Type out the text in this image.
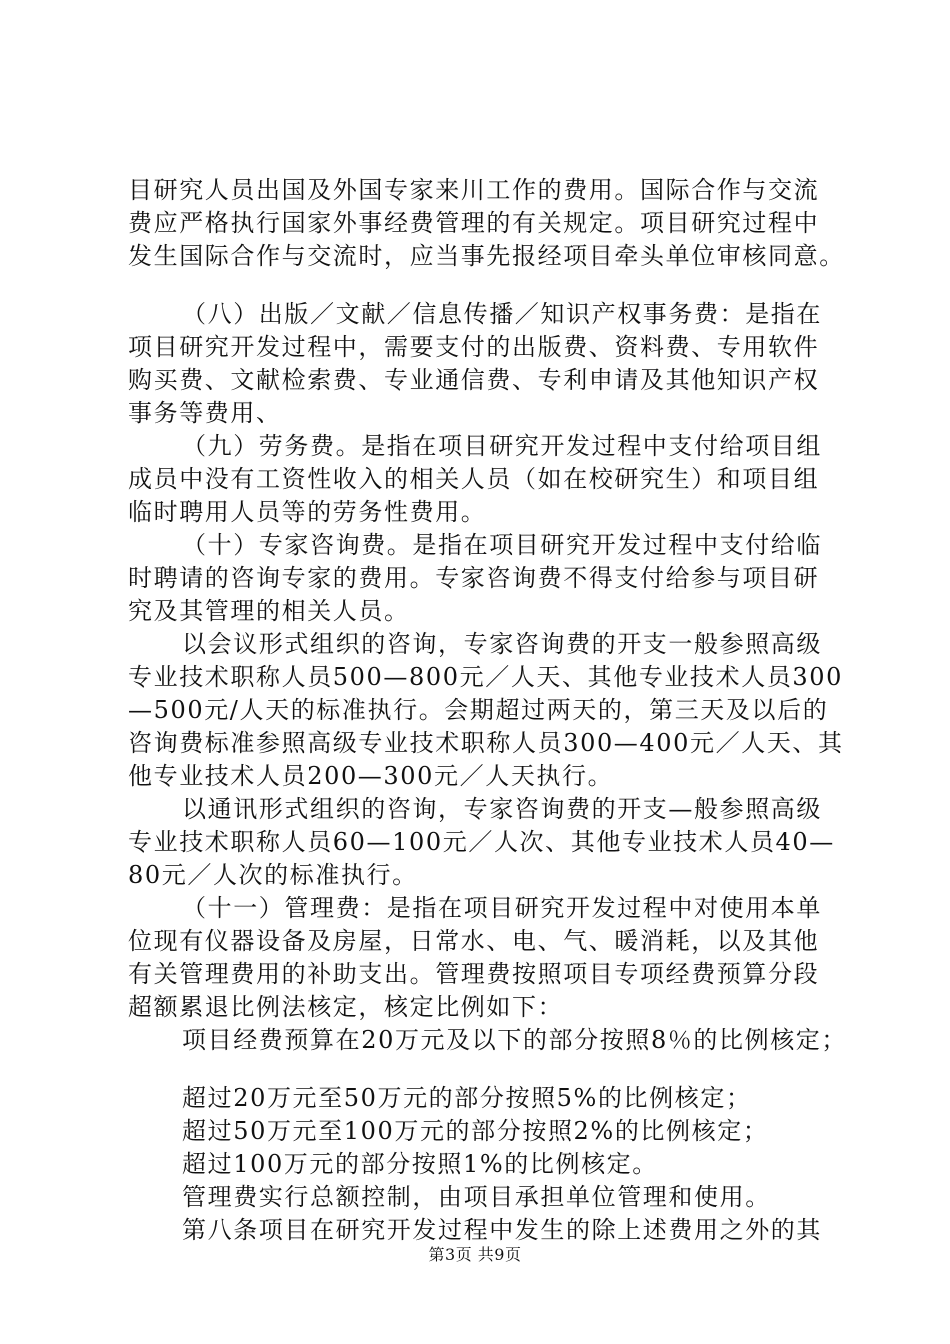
目研究人员出国及外国专家来川工作的费用。国际合作与交流
费应严格执行国家外事经费管理的有关规定。项目研究过程中
发生国际合作与交流时，应当事先报经项目牵头单位审核同意。
（八）出版／文献／信息传播／知识产权事务费：是指在
项目研究开发过程中，需要支付的出版费、资料费、专用软件
购买费、文献检索费、专业通信费、专利申请及其他知识产权
事务等费用、
（九）劳务费。是指在项目研究开发过程中支付给项目组
成员中没有工资性收入的相关人员（如在校研究生）和项目组
临时聘用人员等的劳务性费用。
（十）专家咨询费。是指在项目研究开发过程中支付给临
时聘请的咨询专家的费用。专家咨询费不得支付给参与项目研
究及其管理的相关人员。
以会议形式组织的咨询，专家咨询费的开支一般参照高级
专业技术职称人员500—800元／人天、其他专业技术人员300
—500元/人天的标准执行。会期超过两天的，第三天及以后的
咨询费标准参照高级专业技术职称人员300—400元／人天、其
他专业技术人员200—300元／人天执行。
以通讯形式组织的咨询，专家咨询费的开支—般参照高级
专业技术职称人员60—100元／人次、其他专业技术人员40—
80元／人次的标准执行。
（十一）管理费：是指在项目研究开发过程中对使用本单
位现有仪器设备及房屋，日常水、电、气、暖消耗，以及其他
有关管理费用的补助支出。管理费按照项目专项经费预算分段
超额累退比例法核定，核定比例如下：
项目经费预算在20万元及以下的部分按照8％的比例核定；
超过20万元至50万元的部分按照5%的比例核定；
超过50万元至100万元的部分按照2%的比例核定；
超过100万元的部分按照1%的比例核定。
管理费实行总额控制，由项目承担单位管理和使用。
第八条项目在研究开发过程中发生的除上述费用之外的其
第3页 共9页
